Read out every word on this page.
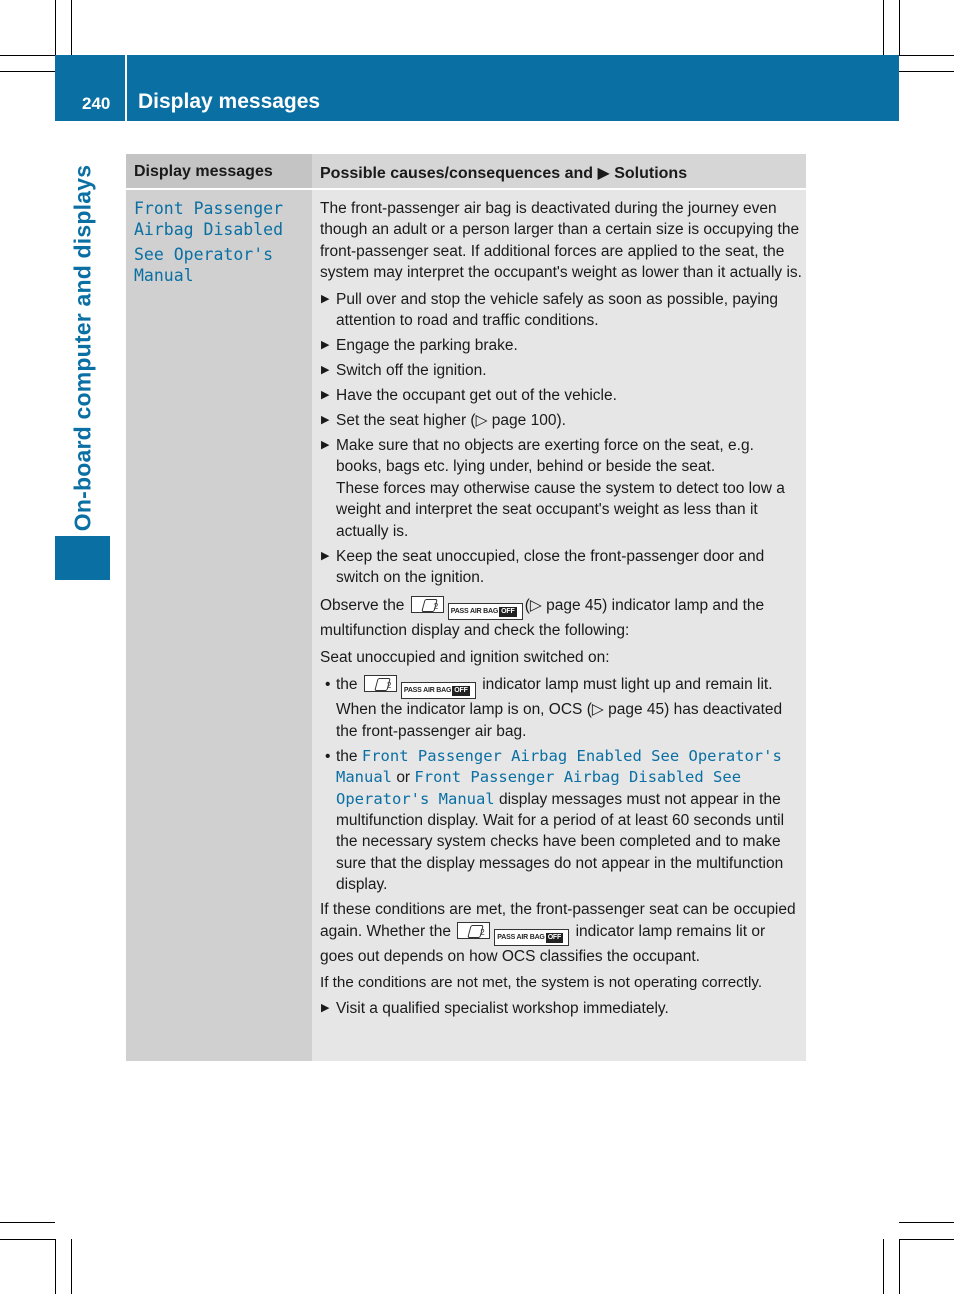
240 Display messages
On-board computer and displays Display messages	Possible causes/consequences and ▶ Solutions
Front Passenger
Airbag Disabled
See Operator's
Manual

The front-passenger air bag is deactivated during the journey even though an adult or a person larger than a certain size is occupying the front-passenger seat. If additional forces are applied to the seat, the system may interpret the occupant's weight as lower than it actually is.

▶ Pull over and stop the vehicle safely as soon as possible, paying attention to road and traffic conditions.
▶ Engage the parking brake.
▶ Switch off the ignition.
▶ Have the occupant get out of the vehicle.
▶ Set the seat higher (▷ page 100).
▶ Make sure that no objects are exerting force on the seat, e.g. books, bags etc. lying under, behind or beside the seat.
These forces may otherwise cause the system to detect too low a weight and interpret the seat occupant's weight as less than it actually is.
▶ Keep the seat unoccupied, close the front-passenger door and switch on the ignition.

Observe the 2	PASS AIR BAG OFF (▷ page 45) indicator lamp and the multifunction display and check the following:

Seat unoccupied and ignition switched on:

• the 2	PASS AIR BAG OFF indicator lamp must light up and remain lit. When the indicator lamp is on, OCS (▷ page 45) has deactivated the front-passenger air bag.
• the Front Passenger Airbag Enabled See Operator's Manual or Front Passenger Airbag Disabled See Operator's Manual display messages must not appear in the multifunction display. Wait for a period of at least 60 seconds until the necessary system checks have been completed and to make sure that the display messages do not appear in the multifunction display.

If these conditions are met, the front-passenger seat can be occupied again. Whether the 2	PASS AIR BAG OFF indicator lamp remains lit or goes out depends on how OCS classifies the occupant.

If the conditions are not met, the system is not operating correctly.

▶ Visit a qualified specialist workshop immediately.
